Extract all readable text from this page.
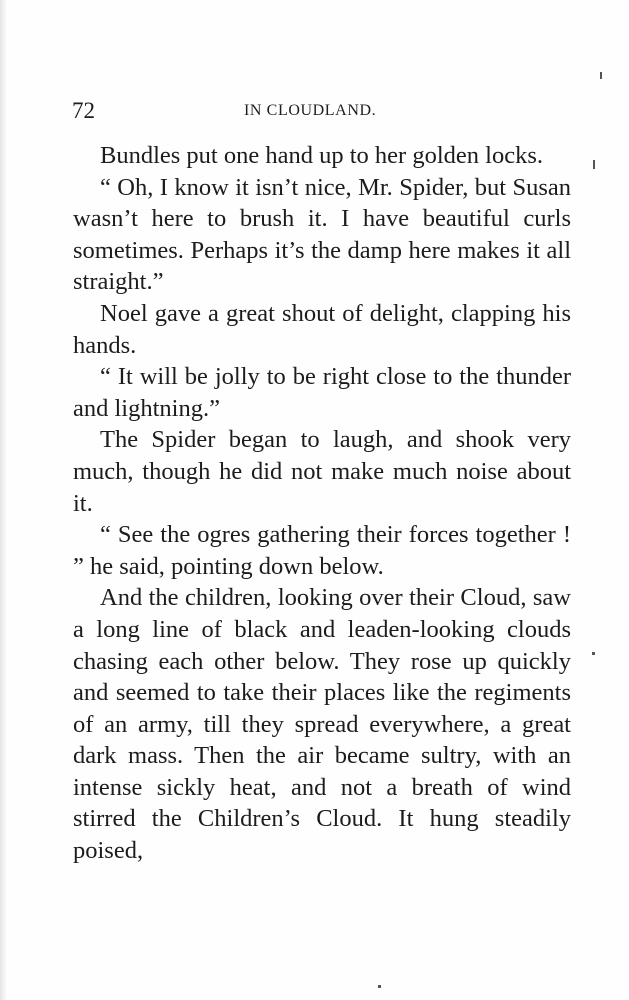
72	IN CLOUDLAND.

Bundles put one hand up to her golden locks.

“ Oh, I know it isn’t nice, Mr. Spider, but Susan wasn’t here to brush it. I have beautiful curls sometimes. Perhaps it’s the damp here makes it all straight.”

Noel gave a great shout of delight, clapping his hands.

“ It will be jolly to be right close to the thunder and lightning.”

The Spider began to laugh, and shook very much, though he did not make much noise about it.

“ See the ogres gathering their forces together ! ” he said, pointing down below.

And the children, looking over their Cloud, saw a long line of black and leaden-looking clouds chasing each other below. They rose up quickly and seemed to take their places like the regiments of an army, till they spread everywhere, a great dark mass. Then the air became sultry, with an intense sickly heat, and not a breath of wind stirred the Children’s Cloud. It hung steadily poised,
